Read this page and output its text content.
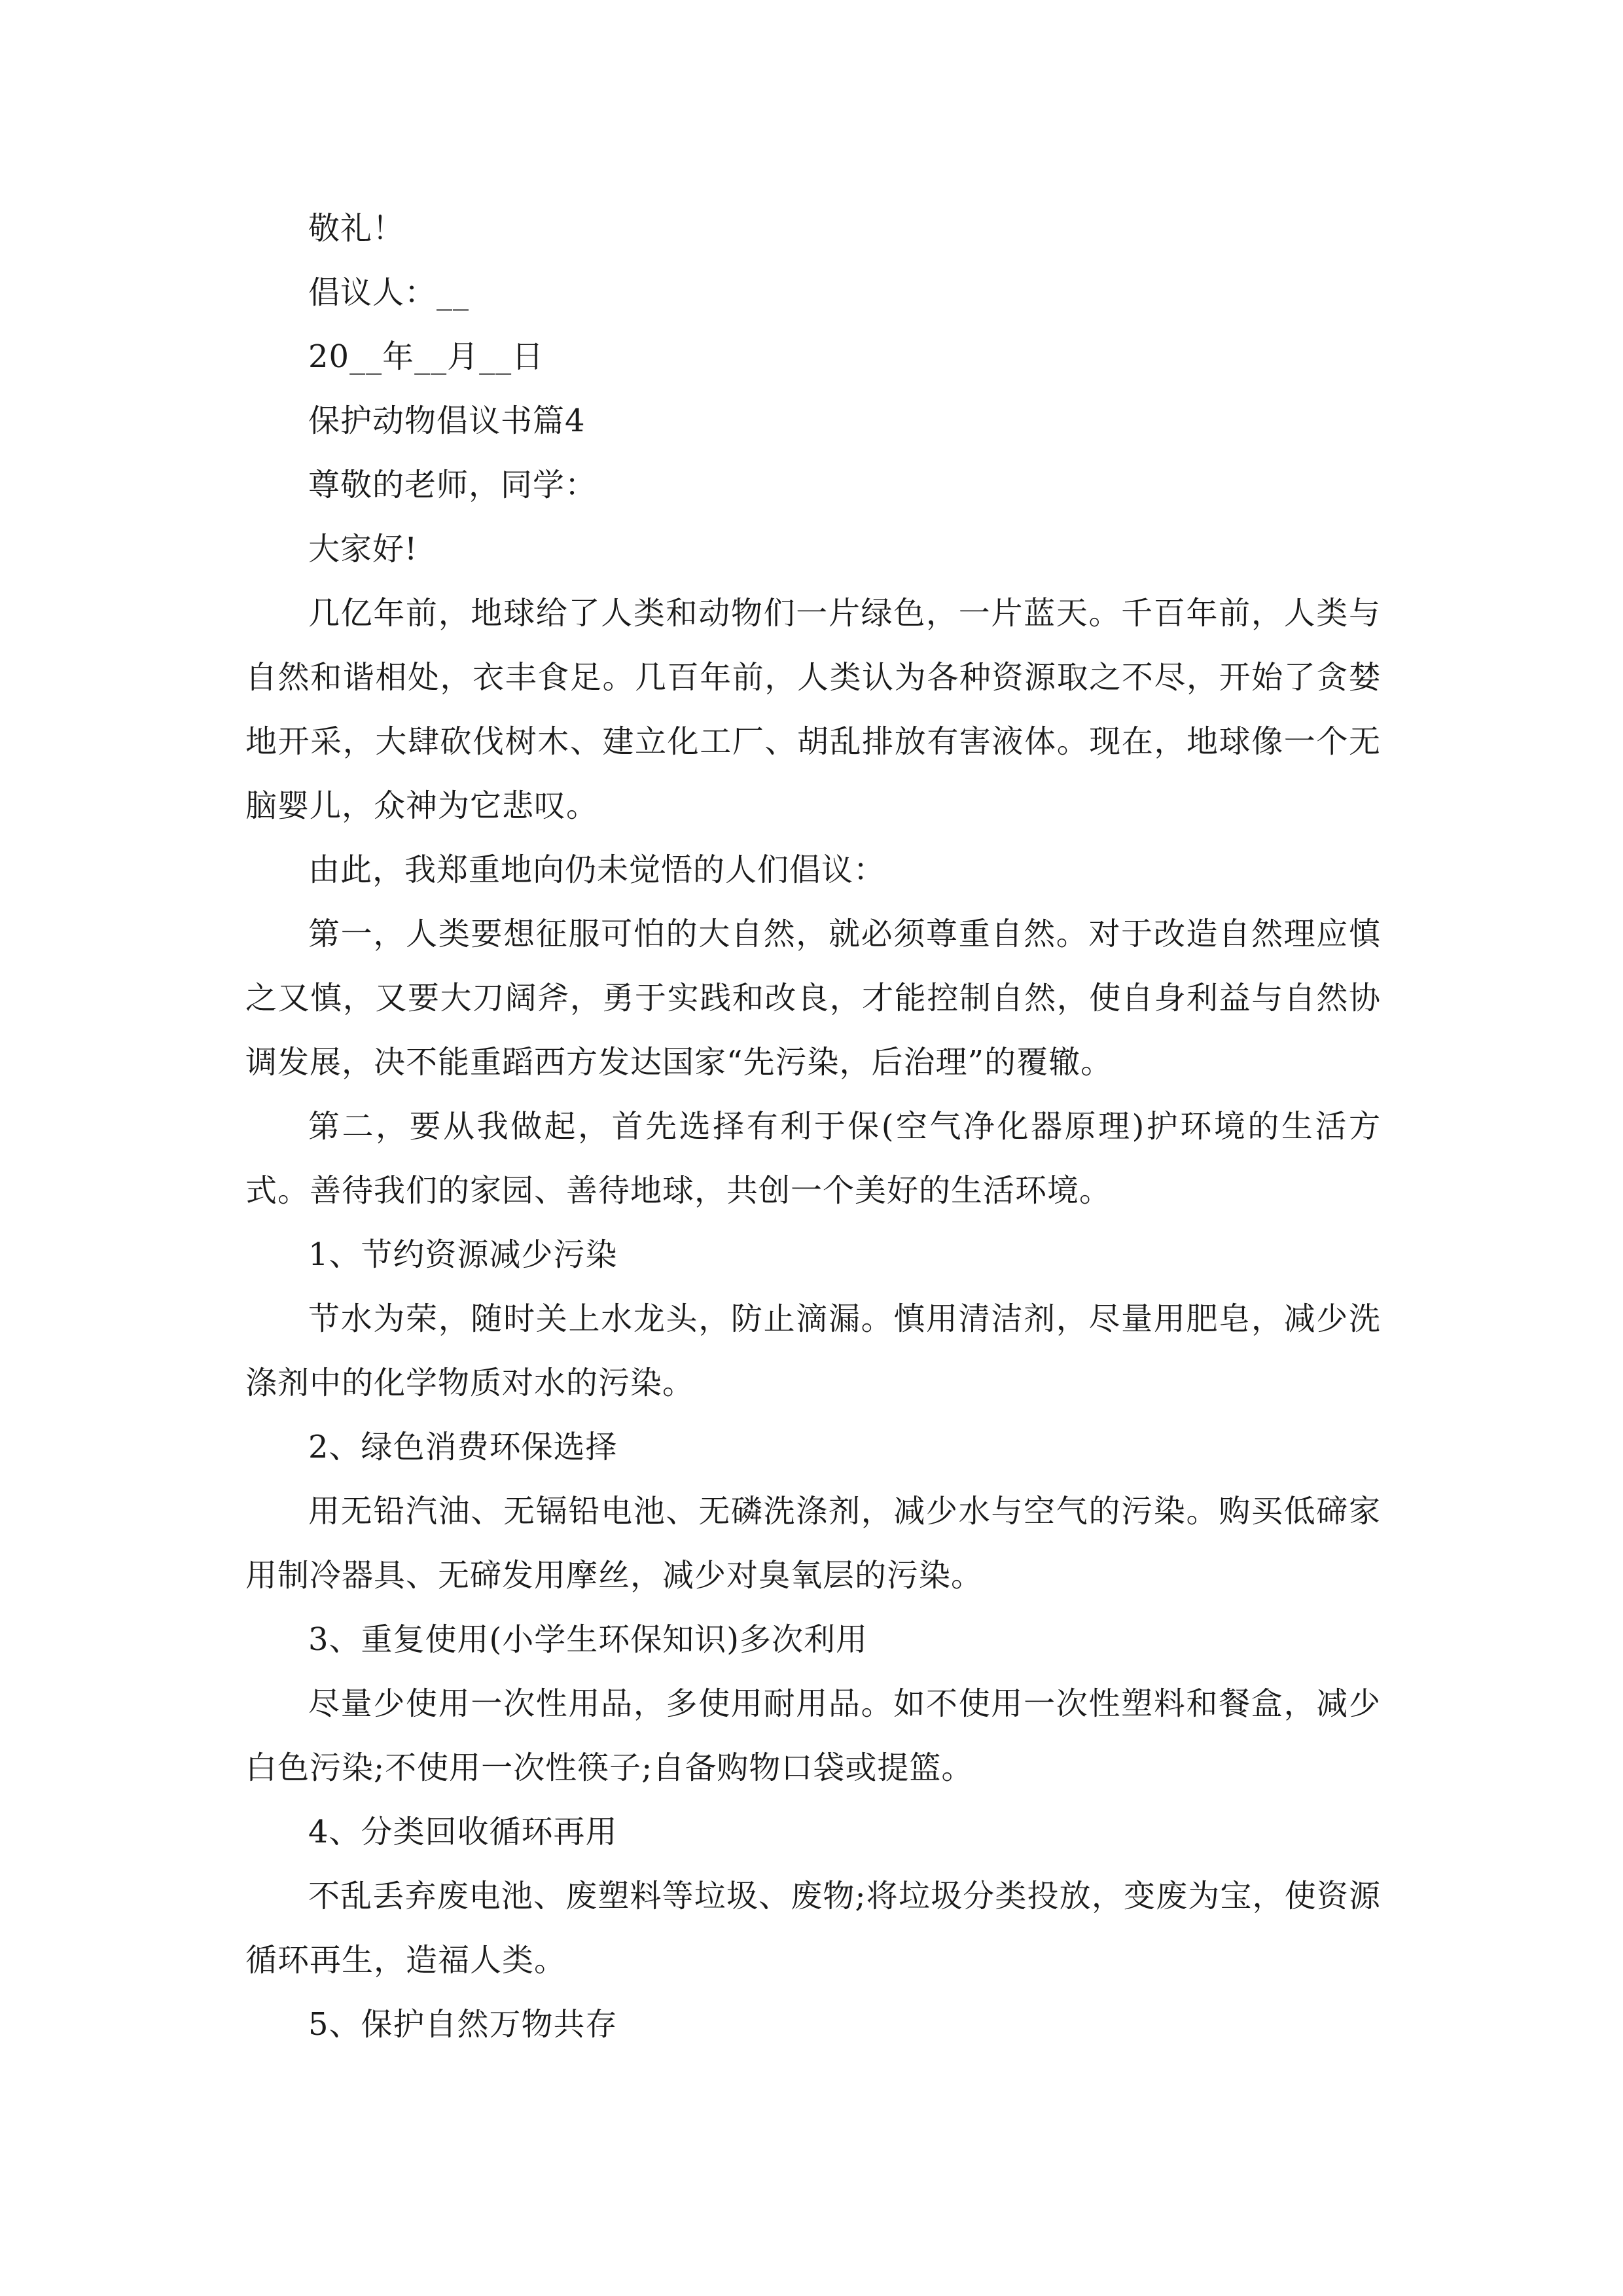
敬礼！

倡议人：__

20__年__月__日

保护动物倡议书篇4

尊敬的老师，同学：

大家好!

几亿年前，地球给了人类和动物们一片绿色，一片蓝天。千百年前，人类与自然和谐相处，衣丰食足。几百年前，人类认为各种资源取之不尽，开始了贪婪地开采，大肆砍伐树木、建立化工厂、胡乱排放有害液体。现在，地球像一个无脑婴儿，众神为它悲叹。

由此，我郑重地向仍未觉悟的人们倡议：

第一，人类要想征服可怕的大自然，就必须尊重自然。对于改造自然理应慎之又慎，又要大刀阔斧，勇于实践和改良，才能控制自然，使自身利益与自然协调发展，决不能重蹈西方发达国家“先污染，后治理”的覆辙。

第二，要从我做起，首先选择有利于保(空气净化器原理)护环境的生活方式。善待我们的家园、善待地球，共创一个美好的生活环境。

1、节约资源减少污染

节水为荣，随时关上水龙头，防止滴漏。慎用清洁剂，尽量用肥皂，减少洗涤剂中的化学物质对水的污染。

2、绿色消费环保选择

用无铅汽油、无镉铅电池、无磷洗涤剂，减少水与空气的污染。购买低碲家用制冷器具、无碲发用摩丝，减少对臭氧层的污染。

3、重复使用(小学生环保知识)多次利用

尽量少使用一次性用品，多使用耐用品。如不使用一次性塑料和餐盒，减少白色污染;不使用一次性筷子;自备购物口袋或提篮。

4、分类回收循环再用

不乱丢弃废电池、废塑料等垃圾、废物;将垃圾分类投放，变废为宝，使资源循环再生，造福人类。

5、保护自然万物共存
